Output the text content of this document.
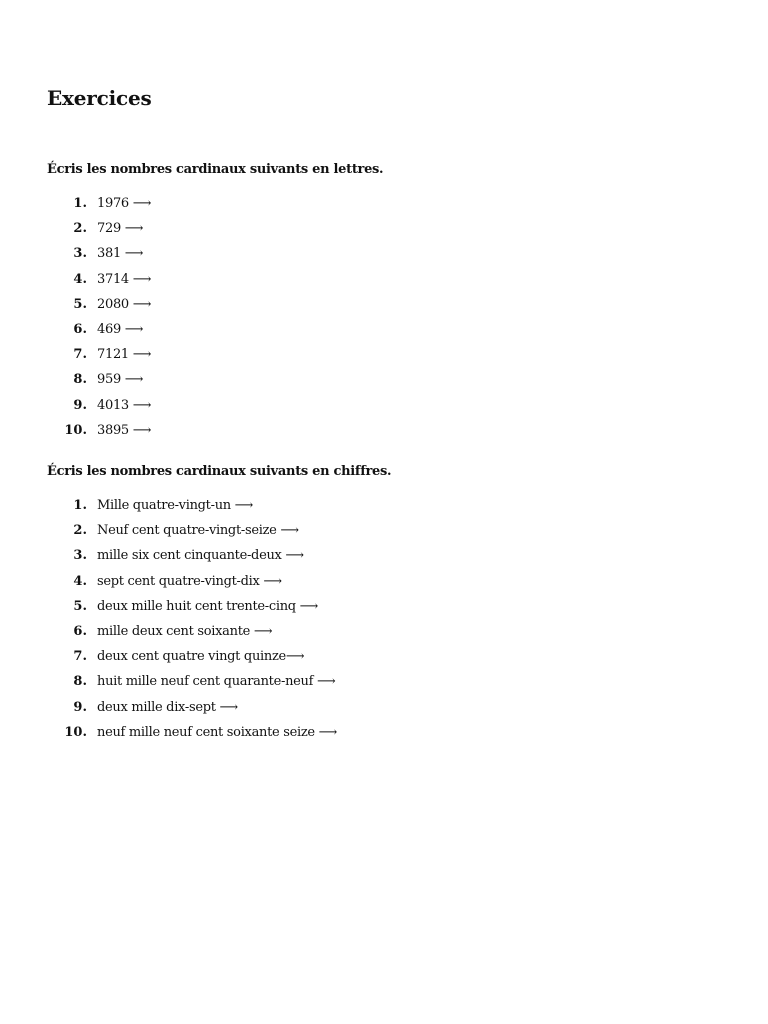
Exercices
Écris les nombres cardinaux suivants en lettres.
1. 1976 ⟶
2. 729 ⟶
3. 381 ⟶
4. 3714 ⟶
5. 2080 ⟶
6. 469 ⟶
7. 7121 ⟶
8. 959 ⟶
9. 4013 ⟶
10. 3895 ⟶
Écris les nombres cardinaux suivants en chiffres.
1. Mille quatre-vingt-un ⟶
2. Neuf cent quatre-vingt-seize ⟶
3. mille six cent cinquante-deux ⟶
4. sept cent quatre-vingt-dix ⟶
5. deux mille huit cent trente-cinq ⟶
6. mille deux cent soixante ⟶
7. deux cent quatre vingt quinze⟶
8. huit mille neuf cent quarante-neuf ⟶
9. deux mille dix-sept ⟶
10. neuf mille neuf cent soixante seize ⟶
